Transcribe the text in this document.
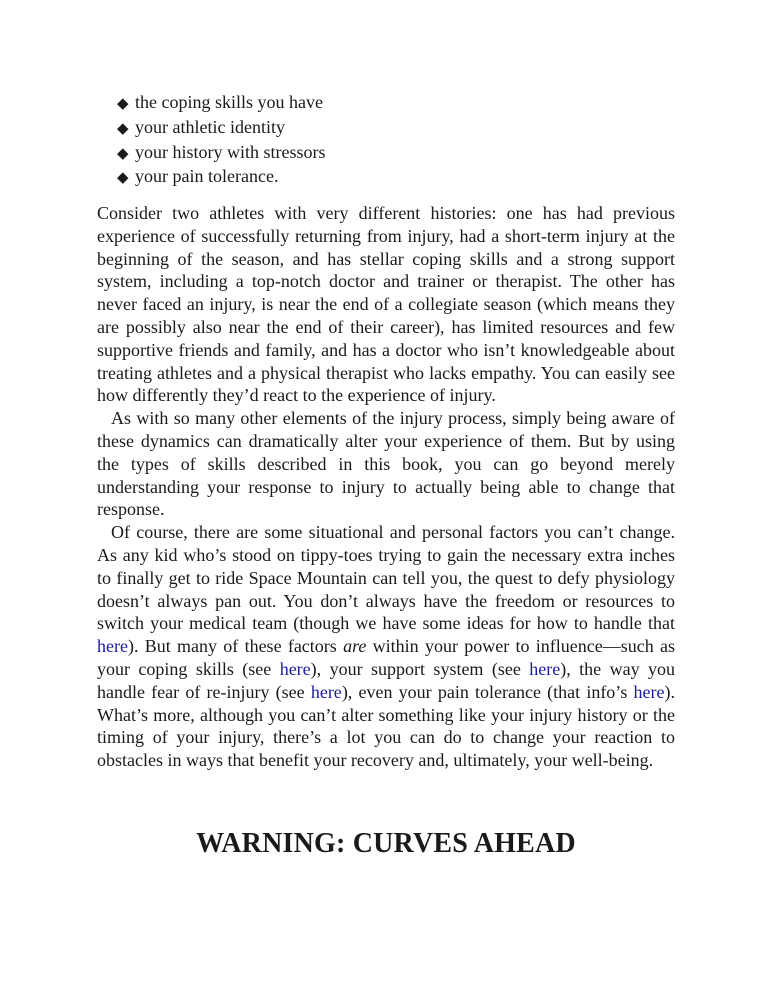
◆ the coping skills you have
◆ your athletic identity
◆ your history with stressors
◆ your pain tolerance.

Consider two athletes with very different histories: one has had previous experience of successfully returning from injury, had a short-term injury at the beginning of the season, and has stellar coping skills and a strong support system, including a top-notch doctor and trainer or therapist. The other has never faced an injury, is near the end of a collegiate season (which means they are possibly also near the end of their career), has limited resources and few supportive friends and family, and has a doctor who isn’t knowledgeable about treating athletes and a physical therapist who lacks empathy. You can easily see how differently they’d react to the experience of injury.

As with so many other elements of the injury process, simply being aware of these dynamics can dramatically alter your experience of them. But by using the types of skills described in this book, you can go beyond merely understanding your response to injury to actually being able to change that response.

Of course, there are some situational and personal factors you can’t change. As any kid who’s stood on tippy-toes trying to gain the necessary extra inches to finally get to ride Space Mountain can tell you, the quest to defy physiology doesn’t always pan out. You don’t always have the freedom or resources to switch your medical team (though we have some ideas for how to handle that here). But many of these factors are within your power to influence—such as your coping skills (see here), your support system (see here), the way you handle fear of re-injury (see here), even your pain tolerance (that info’s here). What’s more, although you can’t alter something like your injury history or the timing of your injury, there’s a lot you can do to change your reaction to obstacles in ways that benefit your recovery and, ultimately, your well-being.

WARNING: CURVES AHEAD
